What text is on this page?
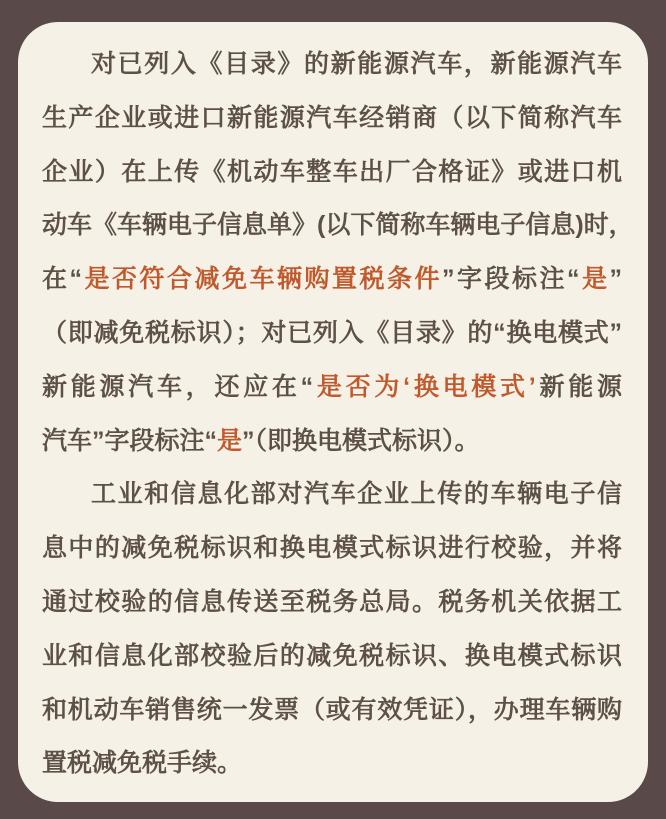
对已列入《目录》的新能源汽车，新能源汽车
生产企业或进口新能源汽车经销商（以下简称汽车
企业）在上传《机动车整车出厂合格证》或进口机
动车《车辆电子信息单》(以下简称车辆电子信息)时，
在“是否符合减免车辆购置税条件”字段标注“是”
（即减免税标识）；对已列入《目录》的“换电模式”
新能源汽车，还应在“是否为‘换电模式’新能源
汽车”字段标注“是”（即换电模式标识）。
工业和信息化部对汽车企业上传的车辆电子信
息中的减免税标识和换电模式标识进行校验，并将
通过校验的信息传送至税务总局。税务机关依据工
业和信息化部校验后的减免税标识、换电模式标识
和机动车销售统一发票（或有效凭证），办理车辆购
置税减免税手续。
